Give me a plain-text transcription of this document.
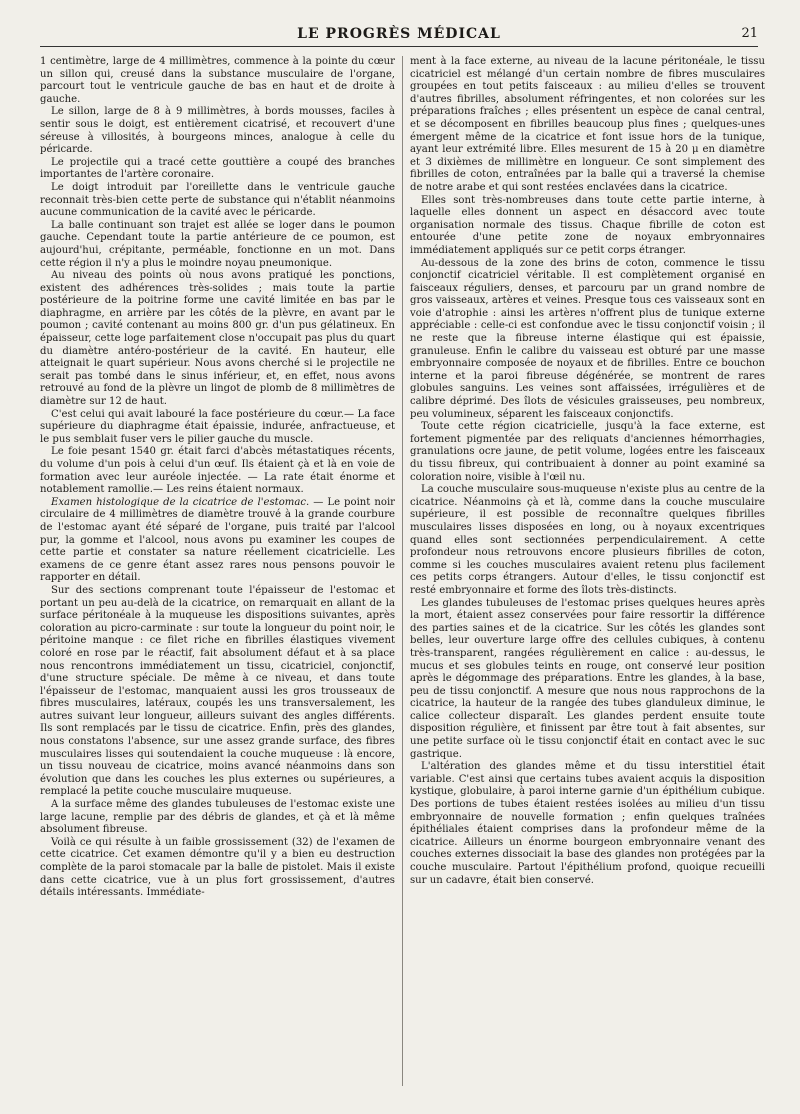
LE PROGRÈS MÉDICAL	21

1 centimètre, large de 4 millimètres, commence à la pointe du cœur un sillon qui, creusé dans la substance musculaire de l'organe, parcourt tout le ventricule gauche de bas en haut et de droite à gauche.

Le sillon, large de 8 à 9 millimètres, à bords mousses, faciles à sentir sous le doigt, est entièrement cicatrisé, et recouvert d'une séreuse à villosités, à bourgeons minces, analogue à celle du péricarde.

Le projectile qui a tracé cette gouttière a coupé des branches importantes de l'artère coronaire.

Le doigt introduit par l'oreillette dans le ventricule gauche reconnait très-bien cette perte de substance qui n'établit néanmoins aucune communication de la cavité avec le péricarde.

La balle continuant son trajet est allée se loger dans le poumon gauche. Cependant toute la partie antérieure de ce poumon, est aujourd'hui, crépitante, perméable, fonctionne en un mot. Dans cette région il n'y a plus le moindre noyau pneumonique.

Au niveau des points où nous avons pratiqué les ponctions, existent des adhérences très-solides ; mais toute la partie postérieure de la poitrine forme une cavité limitée en bas par le diaphragme, en arrière par les côtés de la plèvre, en avant par le poumon ; cavité contenant au moins 800 gr. d'un pus gélatineux. En épaisseur, cette loge parfaitement close n'occupait pas plus du quart du diamètre antéro-postérieur de la cavité. En hauteur, elle atteignait le quart supérieur. Nous avons cherché si le projectile ne serait pas tombé dans le sinus inférieur, et, en effet, nous avons retrouvé au fond de la plèvre un lingot de plomb de 8 millimètres de diamètre sur 12 de haut.

C'est celui qui avait labouré la face postérieure du cœur.— La face supérieure du diaphragme était épaissie, indurée, anfractueuse, et le pus semblait fuser vers le pilier gauche du muscle.

Le foie pesant 1540 gr. était farci d'abcès métastatiques récents, du volume d'un pois à celui d'un œuf. Ils étaient çà et là en voie de formation avec leur auréole injectée. — La rate était énorme et notablement ramollie.— Les reins étaient normaux.

Examen histologique de la cicatrice de l'estomac. — Le point noir circulaire de 4 millimètres de diamètre trouvé à la grande courbure de l'estomac ayant été séparé de l'organe, puis traité par l'alcool pur, la gomme et l'alcool, nous avons pu examiner les coupes de cette partie et constater sa nature réellement cicatricielle. Les examens de ce genre étant assez rares nous pensons pouvoir le rapporter en détail.

Sur des sections comprenant toute l'épaisseur de l'estomac et portant un peu au-delà de la cicatrice, on remarquait en allant de la surface péritonéale à la muqueuse les dispositions suivantes, après coloration au picro-carminate : sur toute la longueur du point noir, le péritoine manque : ce filet riche en fibrilles élastiques vivement coloré en rose par le réactif, fait absolument défaut et à sa place nous rencontrons immédiatement un tissu, cicatriciel, conjonctif, d'une structure spéciale. De même à ce niveau, et dans toute l'épaisseur de l'estomac, manquaient aussi les gros trousseaux de fibres musculaires, latéraux, coupés les uns transversalement, les autres suivant leur longueur, ailleurs suivant des angles différents. Ils sont remplacés par le tissu de cicatrice. Enfin, près des glandes, nous constatons l'absence, sur une assez grande surface, des fibres musculaires lisses qui soutendaient la couche muqueuse : là encore, un tissu nouveau de cicatrice, moins avancé néanmoins dans son évolution que dans les couches les plus externes ou supérieures, a remplacé la petite couche musculaire muqueuse.

A la surface même des glandes tubuleuses de l'estomac existe une large lacune, remplie par des débris de glandes, et çà et là même absolument fibreuse.

Voilà ce qui résulte à un faible grossissement (32) de l'examen de cette cicatrice. Cet examen démontre qu'il y a bien eu destruction complète de la paroi stomacale par la balle de pistolet. Mais il existe dans cette cicatrice, vue à un plus fort grossissement, d'autres détails intéressants. Immédiate-

ment à la face externe, au niveau de la lacune péritonéale, le tissu cicatriciel est mélangé d'un certain nombre de fibres musculaires groupées en tout petits faisceaux : au milieu d'elles se trouvent d'autres fibrilles, absolument réfringentes, et non colorées sur les préparations fraîches ; elles présentent un espèce de canal central, et se décomposent en fibrilles beaucoup plus fines ; quelques-unes émergent même de la cicatrice et font issue hors de la tunique, ayant leur extrémité libre. Elles mesurent de 15 à 20 μ en diamètre et 3 dixièmes de millimètre en longueur. Ce sont simplement des fibrilles de coton, entraînées par la balle qui a traversé la chemise de notre arabe et qui sont restées enclavées dans la cicatrice.

Elles sont très-nombreuses dans toute cette partie interne, à laquelle elles donnent un aspect en désaccord avec toute organisation normale des tissus. Chaque fibrille de coton est entourée d'une petite zone de noyaux embryonnaires immédiatement appliqués sur ce petit corps étranger.

Au-dessous de la zone des brins de coton, commence le tissu conjonctif cicatriciel véritable. Il est complètement organisé en faisceaux réguliers, denses, et parcouru par un grand nombre de gros vaisseaux, artères et veines. Presque tous ces vaisseaux sont en voie d'atrophie : ainsi les artères n'offrent plus de tunique externe appréciable : celle-ci est confondue avec le tissu conjonctif voisin ; il ne reste que la fibreuse interne élastique qui est épaissie, granuleuse. Enfin le calibre du vaisseau est obturé par une masse embryonnaire composée de noyaux et de fibrilles. Entre ce bouchon interne et la paroi fibreuse dégénérée, se montrent de rares globules sanguins. Les veines sont affaissées, irrégulières et de calibre déprimé. Des îlots de vésicules graisseuses, peu nombreux, peu volumineux, séparent les faisceaux conjonctifs.

Toute cette région cicatricielle, jusqu'à la face externe, est fortement pigmentée par des reliquats d'anciennes hémorrhagies, granulations ocre jaune, de petit volume, logées entre les faisceaux du tissu fibreux, qui contribuaient à donner au point examiné sa coloration noire, visible à l'œil nu.

La couche musculaire sous-muqueuse n'existe plus au centre de la cicatrice. Néanmoins çà et là, comme dans la couche musculaire supérieure, il est possible de reconnaître quelques fibrilles musculaires lisses disposées en long, ou à noyaux excentriques quand elles sont sectionnées perpendiculairement. A cette profondeur nous retrouvons encore plusieurs fibrilles de coton, comme si les couches musculaires avaient retenu plus facilement ces petits corps étrangers. Autour d'elles, le tissu conjonctif est resté embryonnaire et forme des îlots très-distincts.

Les glandes tubuleuses de l'estomac prises quelques heures après la mort, étaient assez conservées pour faire ressortir la différence des parties saines et de la cicatrice. Sur les côtés les glandes sont belles, leur ouverture large offre des cellules cubiques, à contenu très-transparent, rangées régulièrement en calice : au-dessus, le mucus et ses globules teints en rouge, ont conservé leur position après le dégommage des préparations. Entre les glandes, à la base, peu de tissu conjonctif. A mesure que nous nous rapprochons de la cicatrice, la hauteur de la rangée des tubes glanduleux diminue, le calice collecteur disparaît. Les glandes perdent ensuite toute disposition régulière, et finissent par être tout à fait absentes, sur une petite surface où le tissu conjonctif était en contact avec le suc gastrique.

L'altération des glandes même et du tissu interstitiel était variable. C'est ainsi que certains tubes avaient acquis la disposition kystique, globulaire, à paroi interne garnie d'un épithélium cubique. Des portions de tubes étaient restées isolées au milieu d'un tissu embryonnaire de nouvelle formation ; enfin quelques traînées épithéliales étaient comprises dans la profondeur même de la cicatrice. Ailleurs un énorme bourgeon embryonnaire venant des couches externes dissociait la base des glandes non protégées par la couche musculaire. Partout l'épithélium profond, quoique recueilli sur un cadavre, était bien conservé.
